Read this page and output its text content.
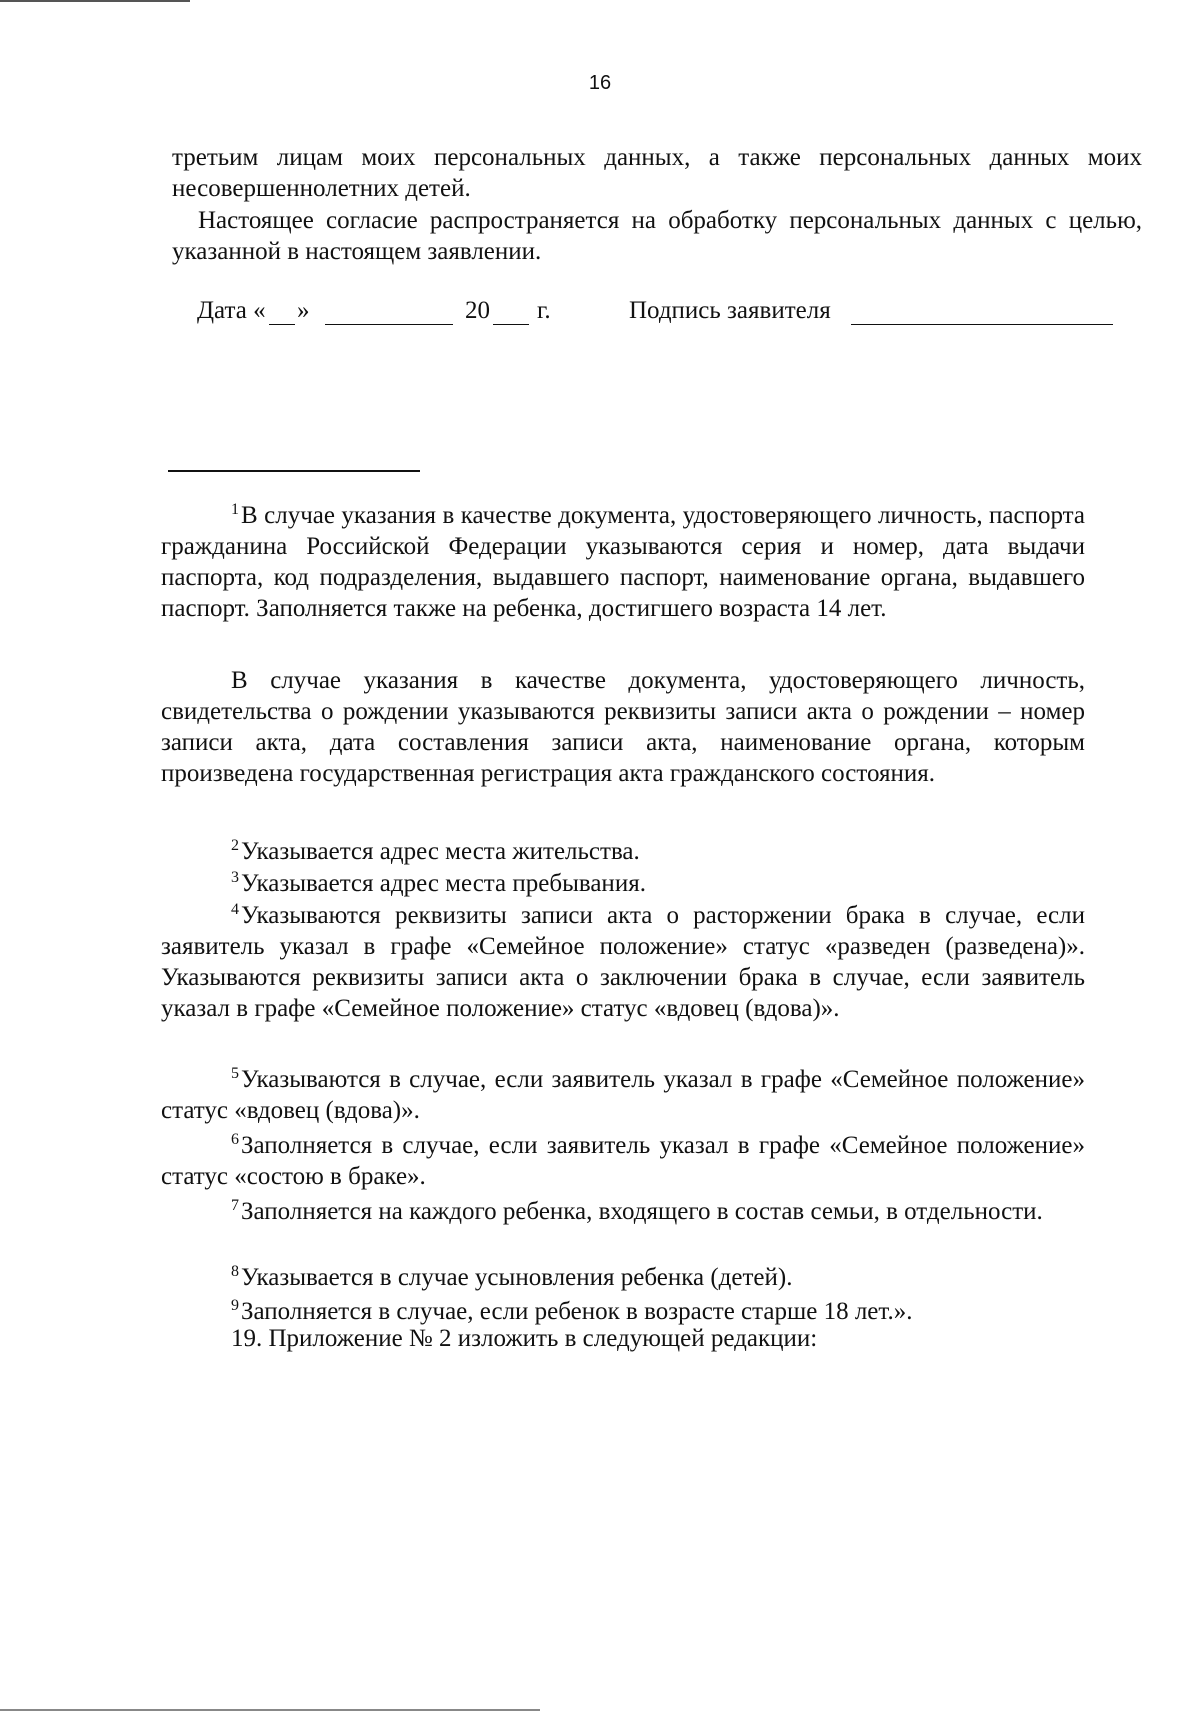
16

третьим лицам моих персональных данных, а также персональных данных моих несовершеннолетних детей.

Настоящее согласие распространяется на обработку персональных данных с целью, указанной в настоящем заявлении.

Дата « »	20 г.	Подпись заявителя

$^1$В случае указания в качестве документа, удостоверяющего личность, паспорта гражданина Российской Федерации указываются серия и номер, дата выдачи паспорта, код подразделения, выдавшего паспорт, наименование органа, выдавшего паспорт. Заполняется также на ребенка, достигшего возраста 14 лет.

В случае указания в качестве документа, удостоверяющего личность, свидетельства о рождении указываются реквизиты записи акта о рождении – номер записи акта, дата составления записи акта, наименование органа, которым произведена государственная регистрация акта гражданского состояния.

$^2$Указывается адрес места жительства.

$^3$Указывается адрес места пребывания.

$^4$Указываются реквизиты записи акта о расторжении брака в случае, если заявитель указал в графе «Семейное положение» статус «разведен (разведена)». Указываются реквизиты записи акта о заключении брака в случае, если заявитель указал в графе «Семейное положение» статус «вдовец (вдова)».

$^5$Указываются в случае, если заявитель указал в графе «Семейное положение» статус «вдовец (вдова)».

$^6$Заполняется в случае, если заявитель указал в графе «Семейное положение» статус «состою в браке».

$^7$Заполняется на каждого ребенка, входящего в состав семьи, в отдельности.

$^8$Указывается в случае усыновления ребенка (детей).

$^9$Заполняется в случае, если ребенок в возрасте старше 18 лет.».

19. Приложение № 2 изложить в следующей редакции:
